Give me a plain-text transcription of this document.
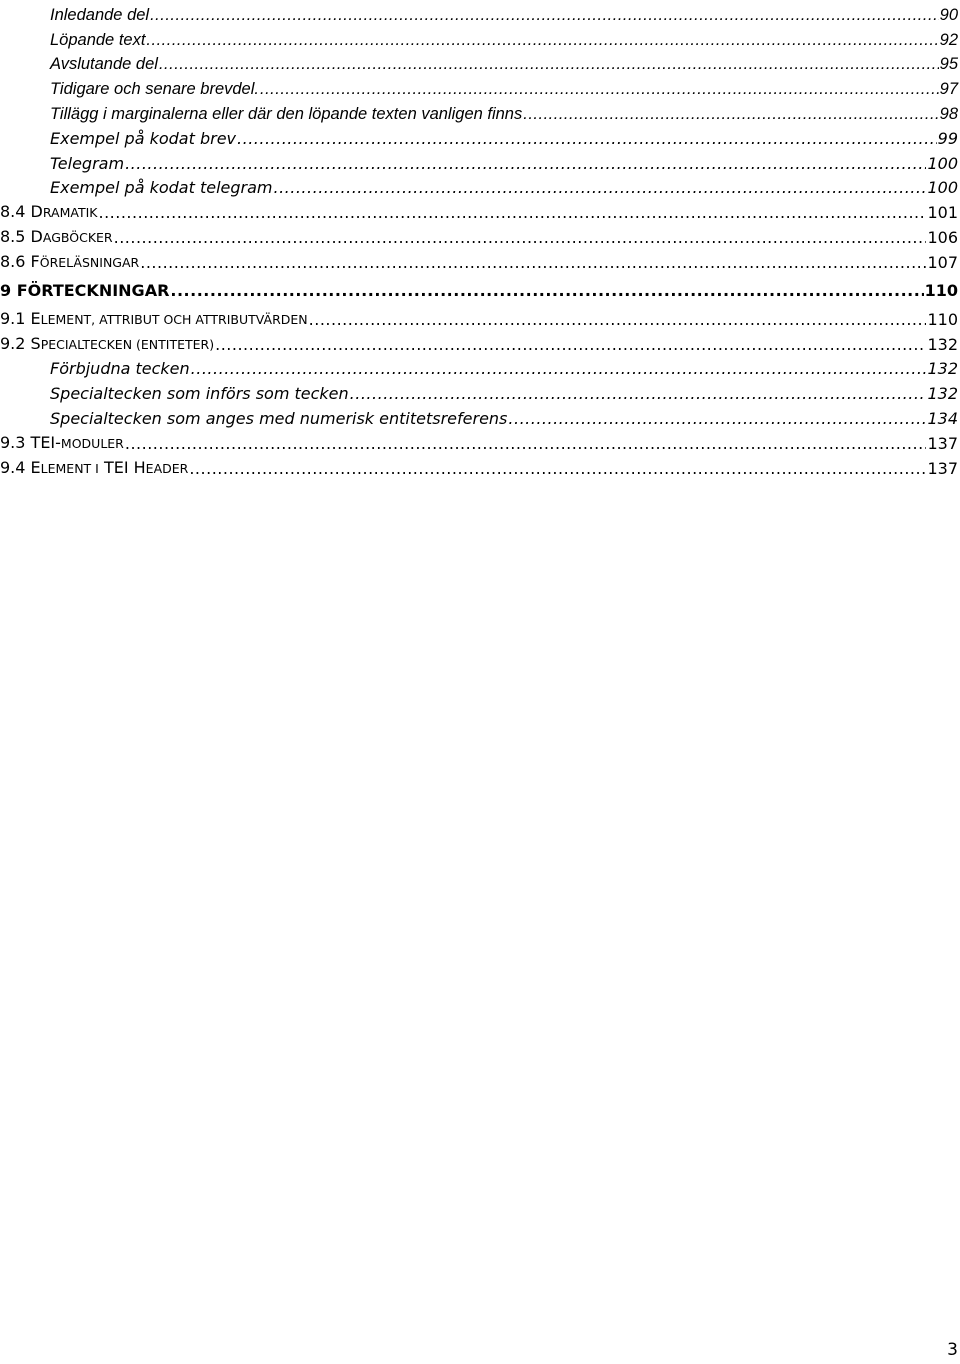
Inledande del .....	90
Löpande text .....	92
Avslutande del .....	95
Tidigare och senare brevdel. .....	97
Tillägg i marginalerna eller där den löpande texten vanligen finns .....	98
Exempel på kodat brev .....	99
Telegram .....	100
Exempel på kodat telegram .....	100
8.4 DRAMATIK .....	101
8.5 DAGBÖCKER .....	106
8.6 FÖRELÄSNINGAR .....	107
9 FÖRTECKNINGAR .....	110
9.1 ELEMENT, ATTRIBUT OCH ATTRIBUTVÄRDEN .....	110
9.2 SPECIALTECKEN (ENTITETER) .....	132
Förbjudna tecken .....	132
Specialtecken som införs som tecken .....	132
Specialtecken som anges med numerisk entitetsreferens .....	134
9.3 TEI-MODULER .....	137
9.4 ELEMENT I TEI HEADER .....	137
3
